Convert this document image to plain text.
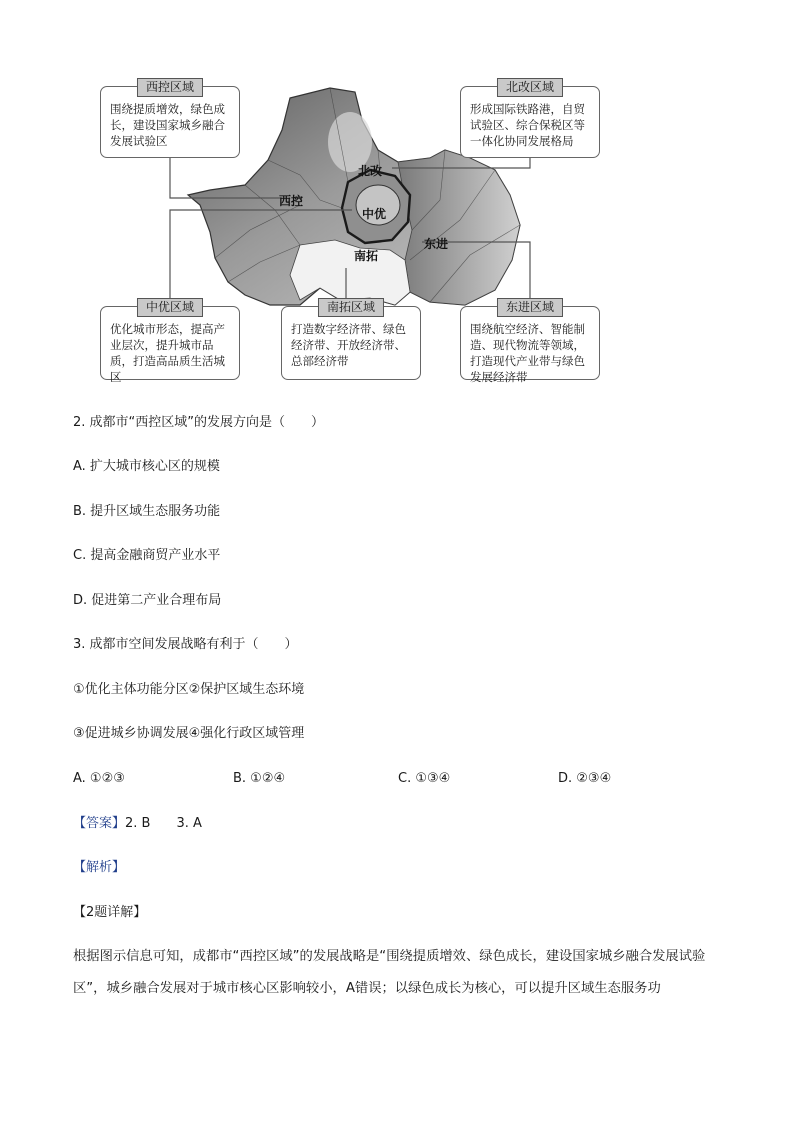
西控
北改
中优
南拓
东进
西控区域
围绕提质增效，绿色成长，建设国家城乡融合发展试验区
北改区域
形成国际铁路港，自贸试验区、综合保税区等一体化协同发展格局
中优区域
优化城市形态，提高产业层次，提升城市品质，打造高品质生活城区
南拓区域
打造数字经济带、绿色经济带、开放经济带、总部经济带
东进区域
围绕航空经济、智能制造、现代物流等领域，打造现代产业带与绿色发展经济带
2. 成都市“西控区域”的发展方向是（　　）
A. 扩大城市核心区的规模
B. 提升区域生态服务功能
C. 提高金融商贸产业水平
D. 促进第二产业合理布局
3. 成都市空间发展战略有利于（　　）
①优化主体功能分区②保护区域生态环境
③促进城乡协调发展④强化行政区域管理
A. ①②③	B. ①②④	C. ①③④	D. ②③④
【答案】2. B　　3. A
【解析】
【2题详解】
根据图示信息可知，成都市“西控区域”的发展战略是“围绕提质增效、绿色成长，建设国家城乡融合发展试验区”，城乡融合发展对于城市核心区影响较小，A错误；以绿色成长为核心，可以提升区域生态服务功
